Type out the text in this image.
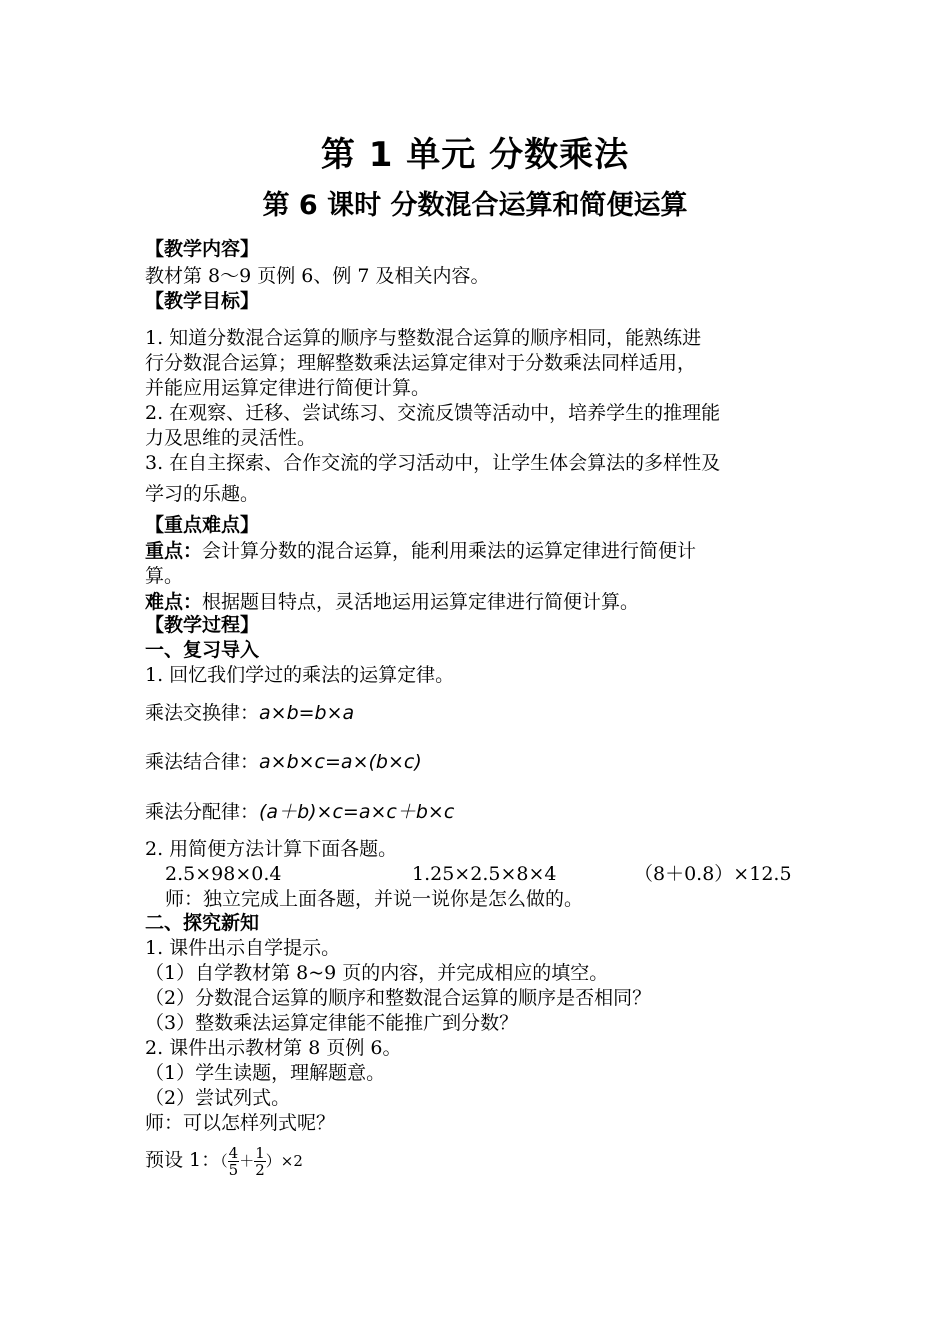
第 1 单元 分数乘法
第 6 课时 分数混合运算和简便运算
【教学内容】
教材第 8～9 页例 6、例 7 及相关内容。
【教学目标】
1. 知道分数混合运算的顺序与整数混合运算的顺序相同，能熟练进
行分数混合运算；理解整数乘法运算定律对于分数乘法同样适用，
并能应用运算定律进行简便计算。
2. 在观察、迁移、尝试练习、交流反馈等活动中，培养学生的推理能
力及思维的灵活性。
3. 在自主探索、合作交流的学习活动中，让学生体会算法的多样性及
学习的乐趣。
【重点难点】
重点：会计算分数的混合运算，能利用乘法的运算定律进行简便计
算。
难点：根据题目特点，灵活地运用运算定律进行简便计算。
【教学过程】
一、复习导入
1. 回忆我们学过的乘法的运算定律。
乘法交换律：a×b=b×a
乘法结合律：a×b×c=a×(b×c)
乘法分配律：(a＋b)×c=a×c＋b×c
2. 用简便方法计算下面各题。
2.5×98×0.4	1.25×2.5×8×4	（8＋0.8）×12.5
师：独立完成上面各题，并说一说你是怎么做的。
二、探究新知
1. 课件出示自学提示。
（1）自学教材第 8~9 页的内容，并完成相应的填空。
（2）分数混合运算的顺序和整数混合运算的顺序是否相同？
（3）整数乘法运算定律能不能推广到分数？
2. 课件出示教材第 8 页例 6。
（1）学生读题，理解题意。
（2）尝试列式。
师：可以怎样列式呢？
预设 1：（ $\frac{4}{5} + \frac{1}{2} )\times 2$
